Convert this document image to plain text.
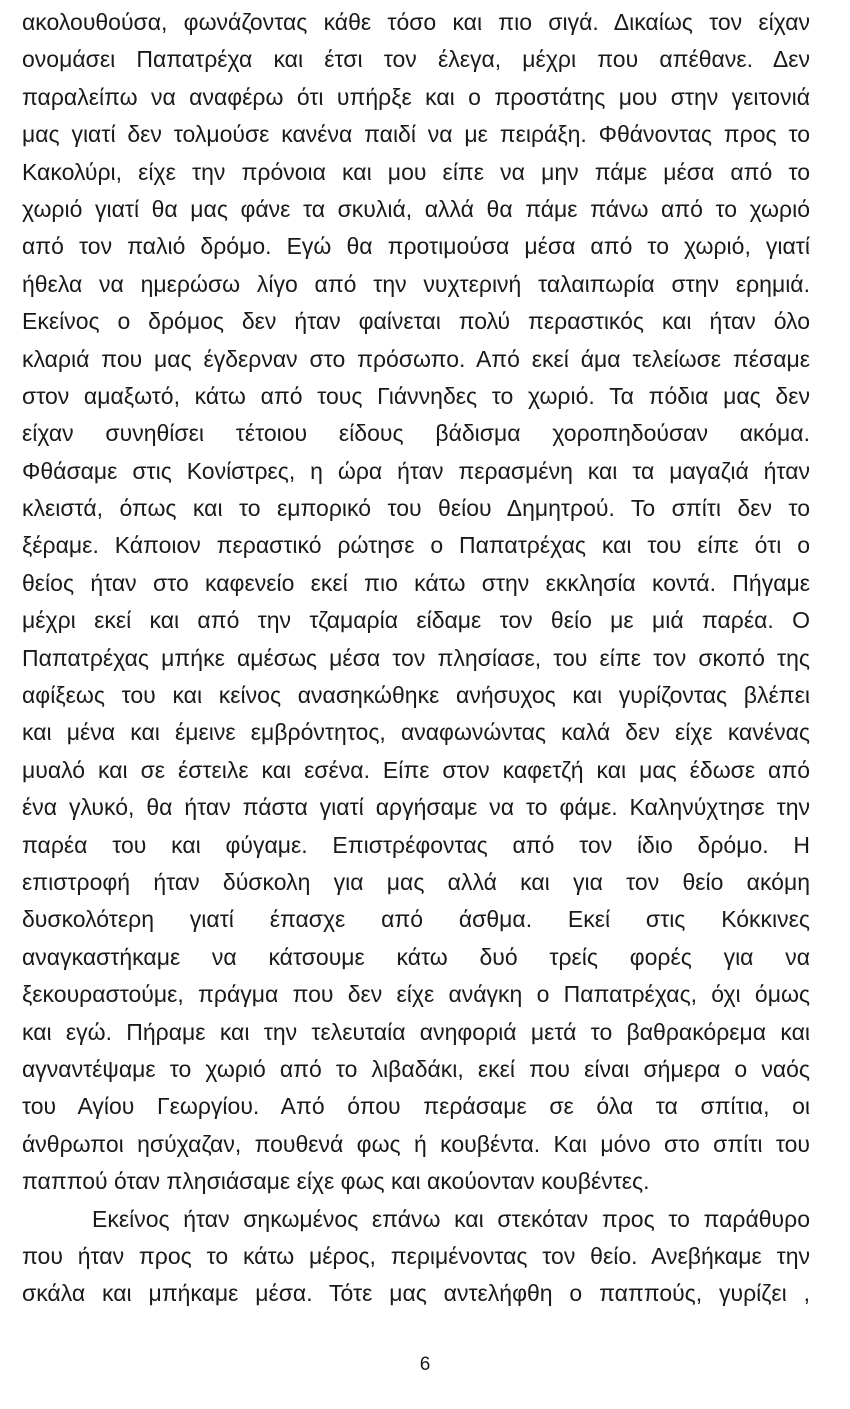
ακολουθούσα, φωνάζοντας κάθε τόσο και πιο σιγά. Δικαίως τον είχαν
ονομάσει Παπατρέχα και έτσι τον έλεγα, μέχρι που απέθανε. Δεν
παραλείπω να αναφέρω ότι υπήρξε και ο προστάτης μου στην γειτονιά
μας γιατί δεν τολμούσε κανένα παιδί να με πειράξη. Φθάνοντας προς το
Κακολύρι, είχε την πρόνοια και μου είπε να μην πάμε μέσα από το
χωριό γιατί θα μας φάνε τα σκυλιά, αλλά θα πάμε πάνω από το χωριό
από τον παλιό δρόμο. Εγώ θα προτιμούσα μέσα από το χωριό, γιατί
ήθελα να ημερώσω λίγο από την νυχτερινή ταλαιπωρία στην ερημιά.
Εκείνος ο δρόμος δεν ήταν φαίνεται πολύ περαστικός και ήταν όλο
κλαριά που μας έγδερναν στο πρόσωπο. Από εκεί άμα τελείωσε πέσαμε
στον αμαξωτό, κάτω από τους Γιάννηδες το χωριό. Τα πόδια μας δεν
είχαν συνηθίσει τέτοιου είδους βάδισμα χοροπηδούσαν ακόμα.
Φθάσαμε στις Κονίστρες, η ώρα ήταν περασμένη και τα μαγαζιά ήταν
κλειστά, όπως και το εμπορικό του θείου Δημητρού. Το σπίτι δεν το
ξέραμε. Κάποιον περαστικό ρώτησε ο Παπατρέχας και του είπε ότι ο
θείος ήταν στο καφενείο εκεί πιο κάτω στην εκκλησία κοντά. Πήγαμε
μέχρι εκεί και από την τζαμαρία είδαμε τον θείο με μιά παρέα. Ο
Παπατρέχας μπήκε αμέσως μέσα τον πλησίασε, του είπε τον σκοπό της
αφίξεως του και κείνος ανασηκώθηκε ανήσυχος και γυρίζοντας βλέπει
και μένα και έμεινε εμβρόντητος, αναφωνώντας καλά δεν είχε κανένας
μυαλό και σε έστειλε και εσένα. Είπε στον καφετζή και μας έδωσε από
ένα γλυκό, θα ήταν πάστα γιατί αργήσαμε να το φάμε. Καληνύχτησε την
παρέα του και φύγαμε. Επιστρέφοντας από τον ίδιο δρόμο. Η
επιστροφή ήταν δύσκολη για μας αλλά και για τον θείο ακόμη
δυσκολότερη γιατί έπασχε από άσθμα. Εκεί στις Κόκκινες
αναγκαστήκαμε να κάτσουμε κάτω δυό τρείς φορές για να
ξεκουραστούμε, πράγμα που δεν είχε ανάγκη ο Παπατρέχας, όχι όμως
και εγώ. Πήραμε και την τελευταία ανηφοριά μετά το βαθρακόρεμα και
αγναντέψαμε το χωριό από το λιβαδάκι, εκεί που είναι σήμερα ο ναός
του Αγίου Γεωργίου. Από όπου περάσαμε σε όλα τα σπίτια, οι
άνθρωποι ησύχαζαν, πουθενά φως ή κουβέντα. Και μόνο στο σπίτι του
παππού όταν πλησιάσαμε είχε φως και ακούονταν κουβέντες.
Εκείνος ήταν σηκωμένος επάνω και στεκόταν προς το παράθυρο
που ήταν προς το κάτω μέρος, περιμένοντας τον θείο. Ανεβήκαμε την
σκάλα και μπήκαμε μέσα. Τότε μας αντελήφθη ο παππούς, γυρίζει ,
6
